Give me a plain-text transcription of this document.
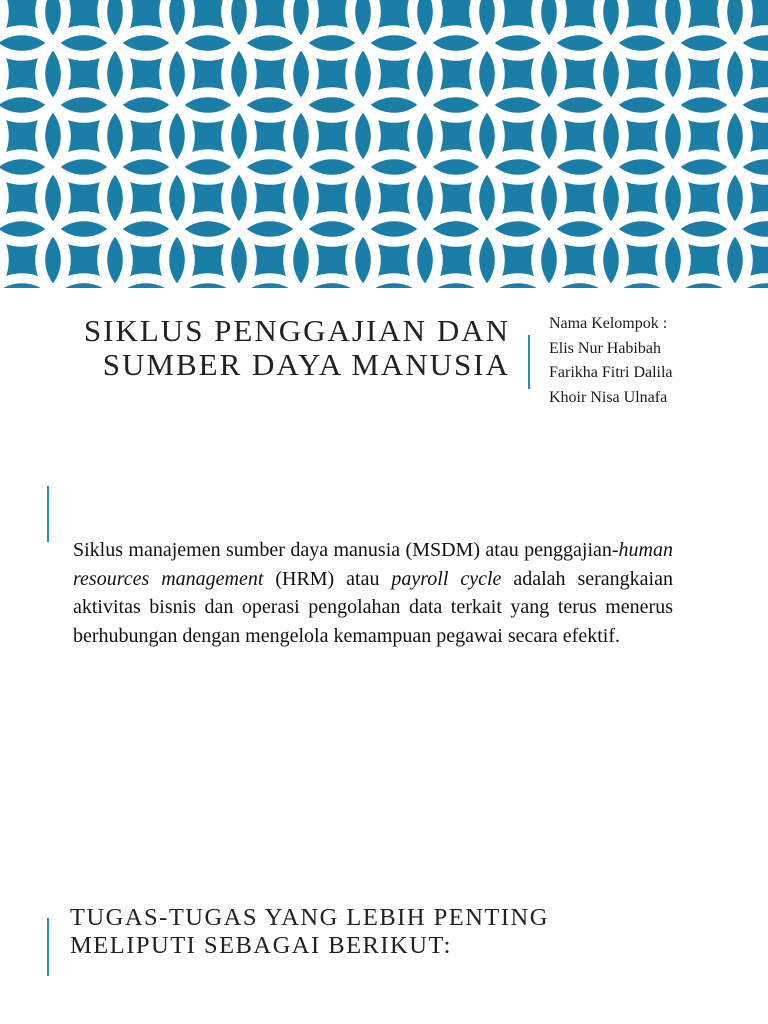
SIKLUS PENGGAJIAN DAN
SUMBER DAYA MANUSIA
Nama Kelompok :
Elis Nur Habibah
Farikha Fitri Dalila
Khoir Nisa Ulnafa

Siklus manajemen sumber daya manusia (MSDM) atau penggajian-human resources management (HRM) atau payroll cycle adalah serangkaian aktivitas bisnis dan operasi pengolahan data terkait yang terus menerus berhubungan dengan mengelola kemampuan pegawai secara efektif.

TUGAS-TUGAS YANG LEBIH PENTING
MELIPUTI SEBAGAI BERIKUT:
